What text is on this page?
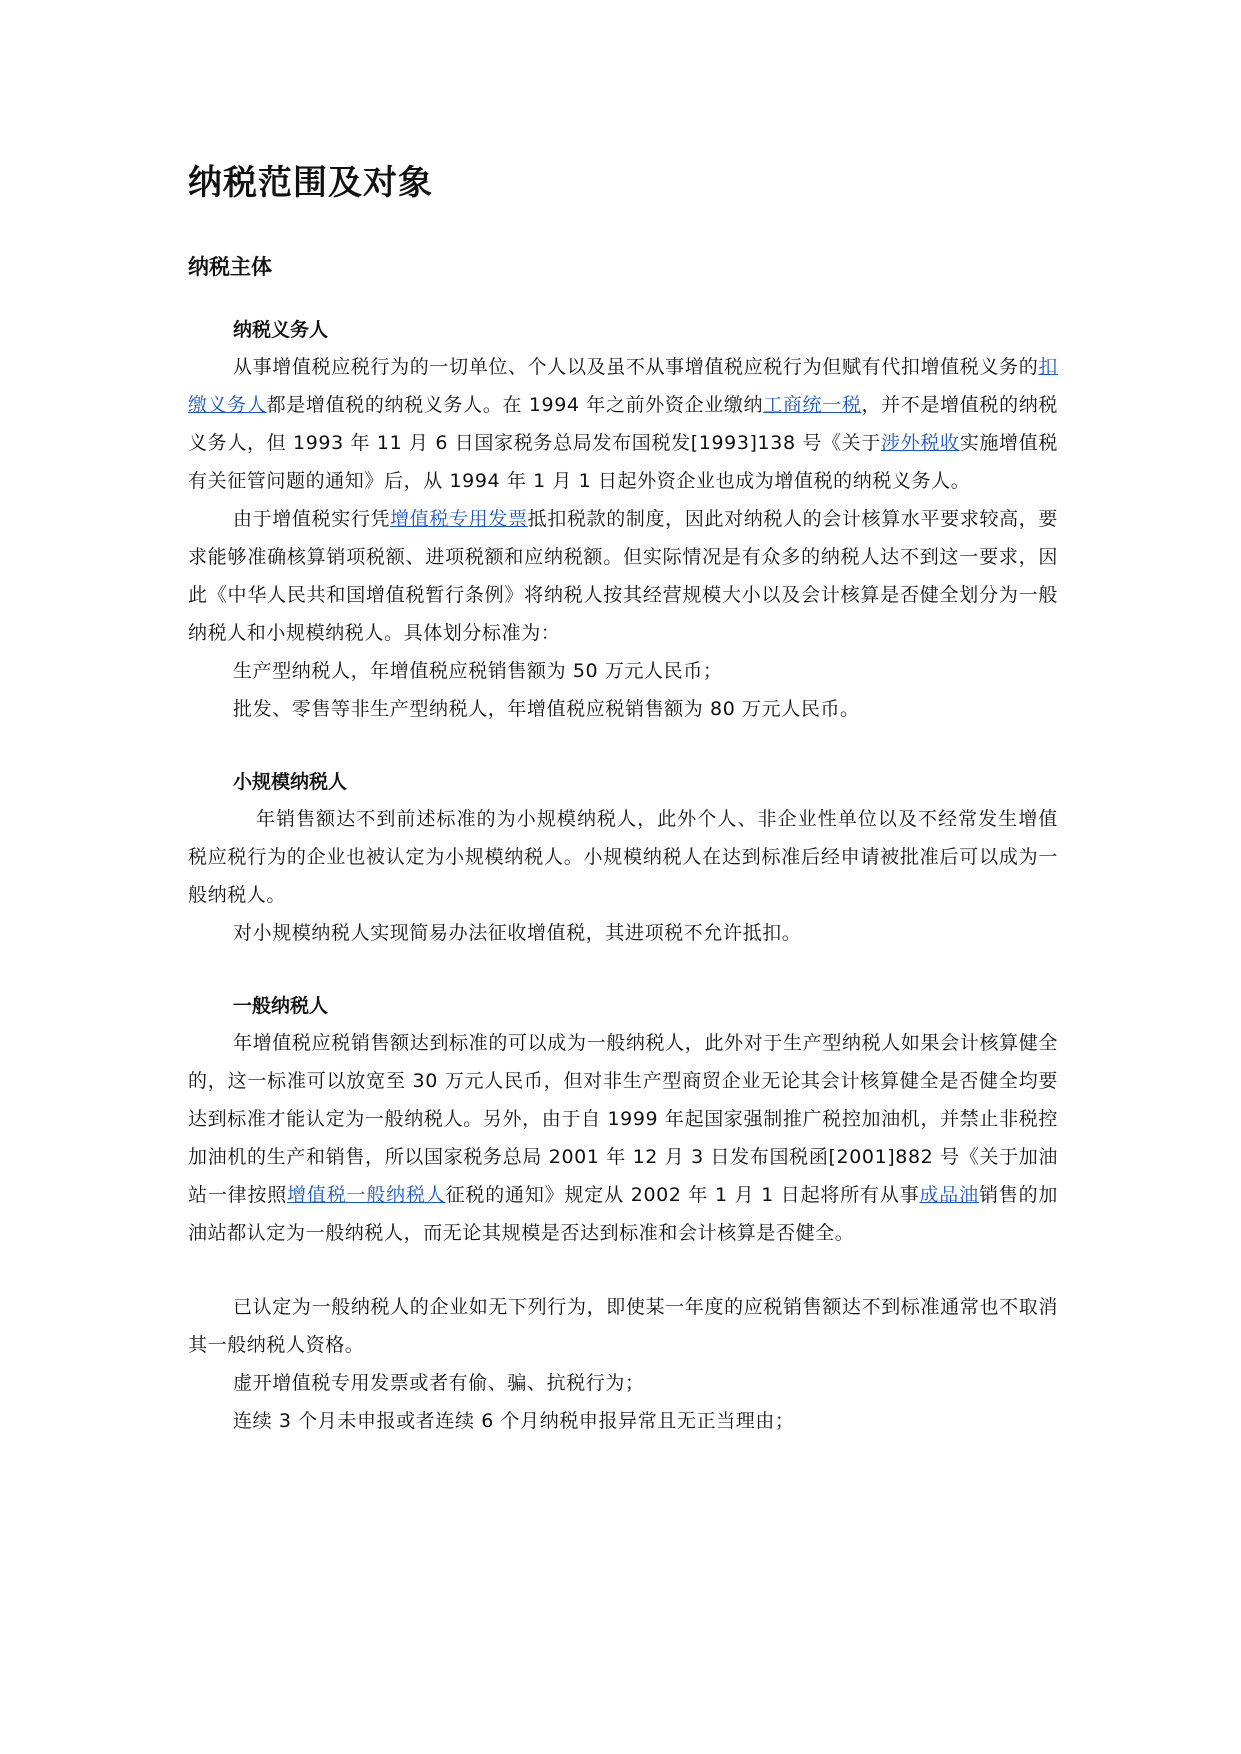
纳税范围及对象
纳税主体
纳税义务人

从事增值税应税行为的一切单位、个人以及虽不从事增值税应税行为但赋有代扣增值税义务的扣缴义务人都是增值税的纳税义务人。在 1994 年之前外资企业缴纳工商统一税，并不是增值税的纳税义务人，但 1993 年 11 月 6 日国家税务总局发布国税发[1993]138 号《关于涉外税收实施增值税有关征管问题的通知》后，从 1994 年 1 月 1 日起外资企业也成为增值税的纳税义务人。

由于增值税实行凭增值税专用发票抵扣税款的制度，因此对纳税人的会计核算水平要求较高，要求能够准确核算销项税额、进项税额和应纳税额。但实际情况是有众多的纳税人达不到这一要求，因此《中华人民共和国增值税暂行条例》将纳税人按其经营规模大小以及会计核算是否健全划分为一般纳税人和小规模纳税人。具体划分标准为：

生产型纳税人，年增值税应税销售额为 50 万元人民币；

批发、零售等非生产型纳税人，年增值税应税销售额为 80 万元人民币。

小规模纳税人

年销售额达不到前述标准的为小规模纳税人，此外个人、非企业性单位以及不经常发生增值税应税行为的企业也被认定为小规模纳税人。小规模纳税人在达到标准后经申请被批准后可以成为一般纳税人。

对小规模纳税人实现简易办法征收增值税，其进项税不允许抵扣。

一般纳税人

年增值税应税销售额达到标准的可以成为一般纳税人，此外对于生产型纳税人如果会计核算健全的，这一标准可以放宽至 30 万元人民币，但对非生产型商贸企业无论其会计核算健全是否健全均要达到标准才能认定为一般纳税人。另外，由于自 1999 年起国家强制推广税控加油机，并禁止非税控加油机的生产和销售，所以国家税务总局 2001 年 12 月 3 日发布国税函[2001]882 号《关于加油站一律按照增值税一般纳税人征税的通知》规定从 2002 年 1 月 1 日起将所有从事成品油销售的加油站都认定为一般纳税人，而无论其规模是否达到标准和会计核算是否健全。

已认定为一般纳税人的企业如无下列行为，即使某一年度的应税销售额达不到标准通常也不取消其一般纳税人资格。

虚开增值税专用发票或者有偷、骗、抗税行为；

连续 3 个月未申报或者连续 6 个月纳税申报异常且无正当理由；
